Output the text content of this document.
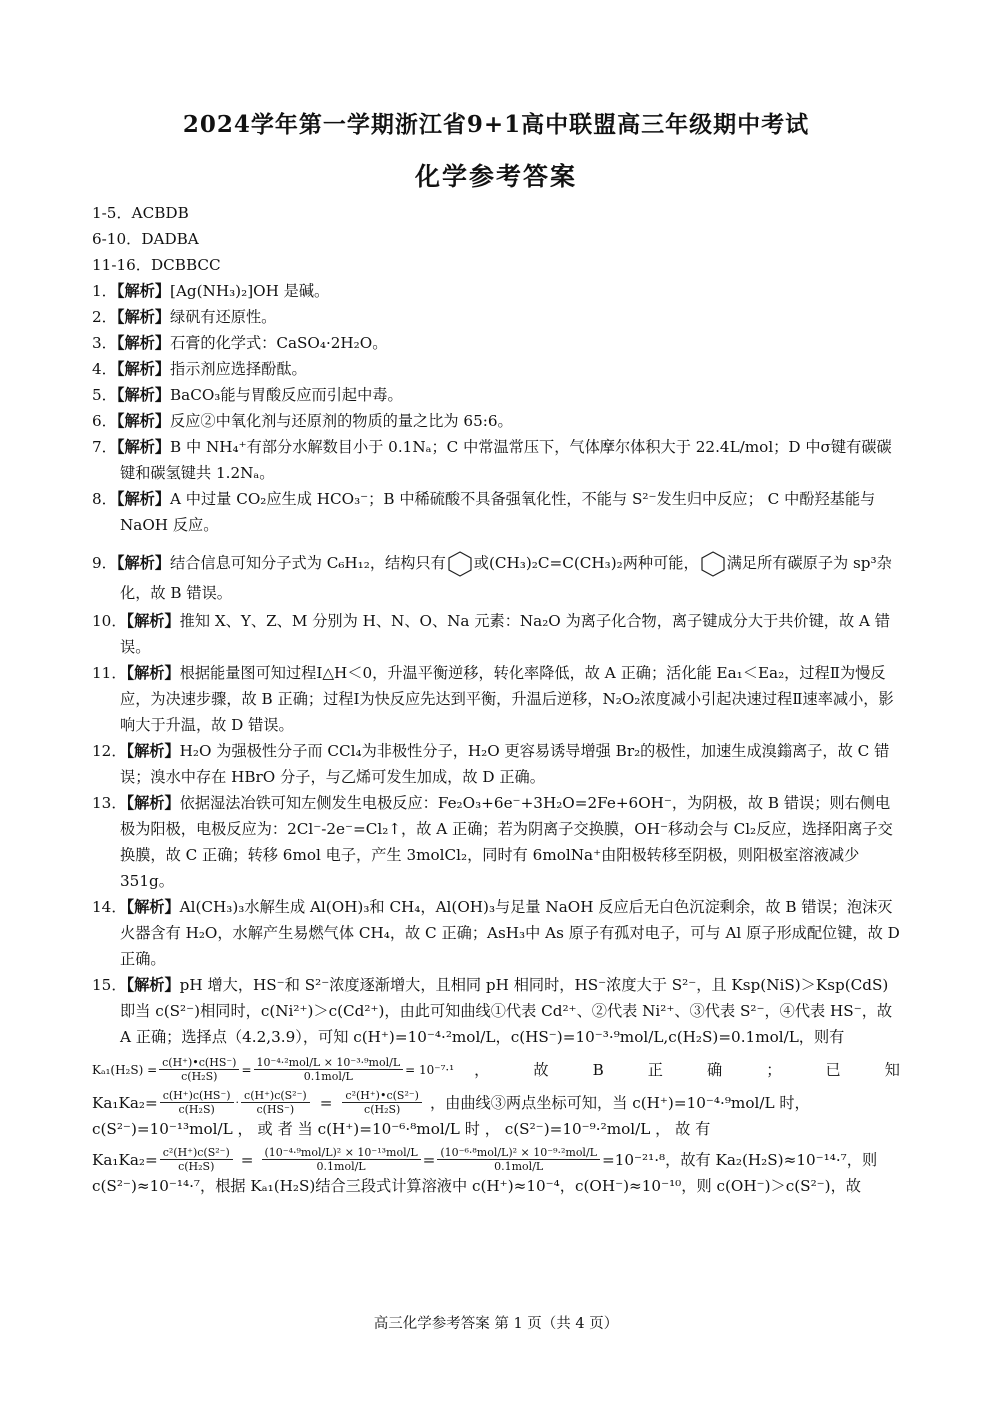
2024学年第一学期浙江省9+1高中联盟高三年级期中考试
化学参考答案
1-5．ACBDB
6-10．DADBA
11-16．DCBBCC
1．【解析】[Ag(NH₃)₂]OH 是碱。
2．【解析】绿矾有还原性。
3．【解析】石膏的化学式：CaSO₄·2H₂O。
4．【解析】指示剂应选择酚酞。
5．【解析】BaCO₃能与胃酸反应而引起中毒。
6．【解析】反应②中氧化剂与还原剂的物质的量之比为 65:6。
7．【解析】B 中 NH₄⁺有部分水解数目小于 0.1Nₐ；C 中常温常压下，气体摩尔体积大于 22.4L/mol；D 中σ键有碳碳键和碳氢键共 1.2Nₐ。
8．【解析】A 中过量 CO₂应生成 HCO₃⁻；B 中稀硫酸不具备强氧化性，不能与 S²⁻发生归中反应； C 中酚羟基能与 NaOH 反应。
9．【解析】结合信息可知分子式为 C₆H₁₂，结构只有 或(CH₃)₂C=C(CH₃)₂两种可能， 满足所有碳原子为 sp³杂化，故 B 错误。
10．【解析】推知 X、Y、Z、M 分别为 H、N、O、Na 元素：Na₂O 为离子化合物，离子键成分大于共价键，故 A 错误。
11．【解析】根据能量图可知过程Ⅰ△H＜0，升温平衡逆移，转化率降低，故 A 正确；活化能 Ea₁＜Ea₂，过程Ⅱ为慢反应，为决速步骤，故 B 正确；过程Ⅰ为快反应先达到平衡，升温后逆移，N₂O₂浓度减小引起决速过程Ⅱ速率减小，影响大于升温，故 D 错误。
12．【解析】H₂O 为强极性分子而 CCl₄为非极性分子，H₂O 更容易诱导增强 Br₂的极性，加速生成溴鎓离子，故 C 错误；溴水中存在 HBrO 分子，与乙烯可发生加成，故 D 正确。
13．【解析】依据湿法冶铁可知左侧发生电极反应：Fe₂O₃+6e⁻+3H₂O=2Fe+6OH⁻，为阴极，故 B 错误；则右侧电极为阳极，电极反应为：2Cl⁻-2e⁻=Cl₂↑，故 A 正确；若为阴离子交换膜，OH⁻移动会与 Cl₂反应，选择阳离子交换膜，故 C 正确；转移 6mol 电子，产生 3molCl₂，同时有 6molNa⁺由阳极转移至阴极，则阳极室溶液减少 351g。
14．【解析】Al(CH₃)₃水解生成 Al(OH)₃和 CH₄，Al(OH)₃与足量 NaOH 反应后无白色沉淀剩余，故 B 错误；泡沫灭火器含有 H₂O，水解产生易燃气体 CH₄，故 C 正确；AsH₃中 As 原子有孤对电子，可与 Al 原子形成配位键，故 D 正确。
15．【解析】pH 增大，HS⁻和 S²⁻浓度逐渐增大，且相同 pH 相同时，HS⁻浓度大于 S²⁻，且 Ksp(NiS)＞Ksp(CdS)即当 c(S²⁻)相同时，c(Ni²⁺)＞c(Cd²⁺)，由此可知曲线①代表 Cd²⁺、②代表 Ni²⁺、③代表 S²⁻，④代表 HS⁻，故 A 正确；选择点（4.2,3.9），可知 c(H⁺)=10⁻⁴·²mol/L，c(HS⁻)=10⁻³·⁹mol/L,c(H₂S)=0.1mol/L，则有
$K_{a1}(H_2S) = \frac{c(H^+)•c(HS^-)}{\text{c(H₂S)}} = \frac{\text{10⁻⁴·²mol/L × 10⁻³·⁹mol/L}}{\text{0.1mol/L}} = 10^{-7}\cdot^1$ ，	故	B	正	确	；	已	知
$Ka_1Ka_2= \frac{c(H^+)c(HS^-)}{\text{c(H₂S)}} \cdot \frac{\text{c(H⁺)c(S²⁻)}}{c(HS^-)} = \frac{\text{c²(H⁺)•c(S²⁻)}}{\text{c(H₂S)}}$ ，由曲线③两点坐标可知，当 c(H⁺)=10⁻⁴·⁹mol/L 时，
c(S²⁻)=10⁻¹³mol/L ， 或 者 当 c(H⁺)=10⁻⁶·⁸mol/L 时 ， c(S²⁻)=10⁻⁹·²mol/L ， 故 有
$Ka_1Ka_2= \frac{\text{c²(H⁺)c(S²⁻)}}{\text{c(H₂S)}} = \frac{\text{(10⁻⁴·⁹mol/L)² × 10⁻¹³mol/L}}{\text{0.1mol/L}} = \frac{\text{(10⁻⁶·⁸mol/L)² × 10⁻⁹·²mol/L}}{\text{0.1mol/L}} =10^{-21}\cdot^8$，故有 Ka₂(H₂S)≈10⁻¹⁴·⁷，则
c(S²⁻)≈10⁻¹⁴·⁷，根据 Kₐ₁(H₂S)结合三段式计算溶液中 c(H⁺)≈10⁻⁴，c(OH⁻)≈10⁻¹⁰，则 c(OH⁻)＞c(S²⁻)，故
高三化学参考答案 第 1 页（共 4 页）
